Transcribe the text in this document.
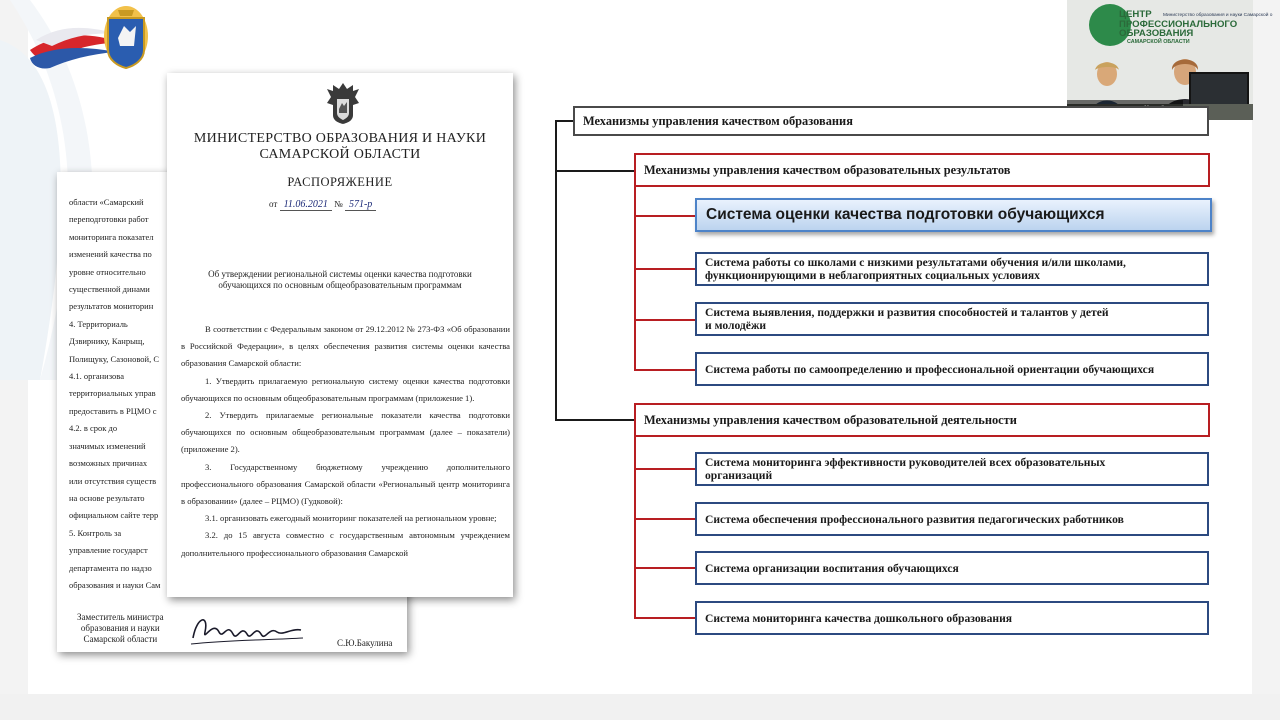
области «Самарский
переподготовки работ
мониторинга показател
изменений качества по
уровне относительно
существенной динами
результатов мониторин
4. Территориаль
Дзвирнику, Канрыщ,
Полищуку, Сазоновой, С
4.1. организова
территориальных управ
предоставить в РЦМО с
4.2. в срок до
значимых изменений
возможных причинах
или отсутствия существ
на основе результато
официальном сайте терр
5. Контроль за
управление государст
департамента по надзо
образования и науки Сам
Заместитель министра
образования и науки
Самарской области	С.Ю.Бакулина
МИНИСТЕРСТВО ОБРАЗОВАНИЯ И НАУКИ
САМАРСКОЙ ОБЛАСТИ
РАСПОРЯЖЕНИЕ
от 11.06.2021 № 571-р
Об утверждении региональной системы оценки качества подготовки обучающихся по основным общеобразовательным программам

В соответствии с Федеральным законом от 29.12.2012 № 273-ФЗ «Об образовании в Российской Федерации», в целях обеспечения развития системы оценки качества образования Самарской области:

1. Утвердить прилагаемую региональную систему оценки качества подготовки обучающихся по основным общеобразовательным программам (приложение 1).

2. Утвердить прилагаемые региональные показатели качества подготовки обучающихся по основным общеобразовательным программам (далее – показатели) (приложение 2).

3. Государственному бюджетному учреждению дополнительного профессионального образования Самарской области «Региональный центр мониторинга в образовании» (далее – РЦМО) (Гудковой):

3.1. организовать ежегодный мониторинг показателей на региональном уровне;

3.2. до 15 августа совместно с государственным автономным учреждением дополнительного профессионального образования Самарской

ЦЕНТР
ПРОФЕССИОНАЛЬНОГО
ОБРАЗОВАНИЯ
САМАРСКОЙ ОБЛАСТИ
Министерство образования и науки Самарской о
Механизмы управления качеством образования
Механизмы управления качеством образовательных результатов
Система оценки качества подготовки обучающихся
Система работы со школами с низкими результатами обучения и/или школами,
функционирующими в неблагоприятных социальных условиях
Система выявления, поддержки и развития способностей и талантов у детей
и молодёжи
Система работы по самоопределению и профессиональной ориентации обучающихся
Механизмы управления качеством образовательной деятельности
Система мониторинга эффективности руководителей всех образовательных
организаций
Система обеспечения профессионального развития педагогических работников
Система организации воспитания обучающихся
Система мониторинга качества дошкольного образования
